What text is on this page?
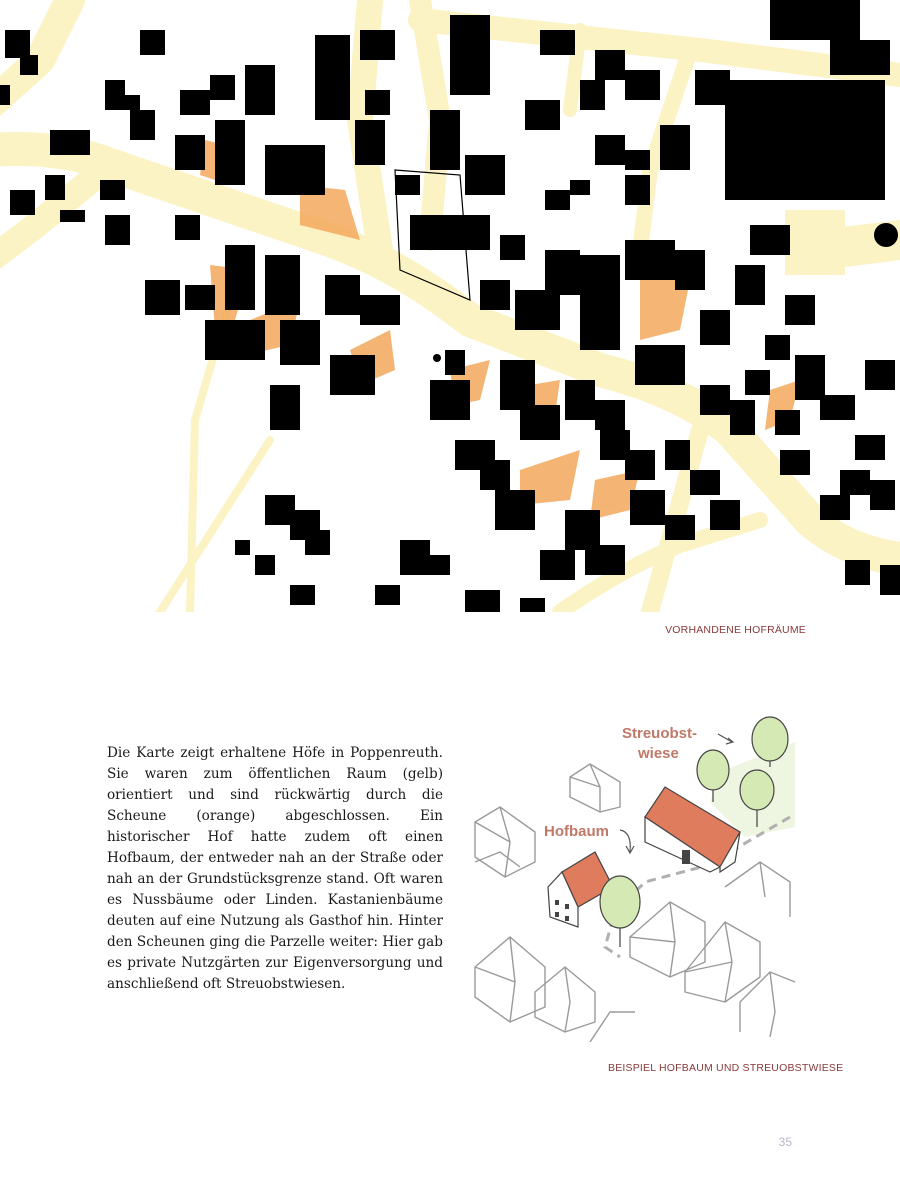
VORHANDENE HOFRÄUME

Die Karte zeigt erhaltene Höfe in Poppenreuth. Sie waren zum öffentlichen Raum (gelb) orientiert und sind rückwärtig durch die Scheune (orange) abgeschlossen. Ein historischer Hof hatte zudem oft einen Hofbaum, der entweder nah an der Straße oder nah an der Grundstücksgrenze stand. Oft waren es Nussbäume oder Linden. Kastanienbäume deuten auf eine Nutzung als Gasthof hin. Hinter den Scheunen ging die Parzelle weiter: Hier gab es private Nutzgärten zur Eigenversorgung und anschließend oft Streuobstwiesen.

Streuobst-
wiese
Hofbaum
BEISPIEL HOFBAUM UND STREUOBSTWIESE
35
